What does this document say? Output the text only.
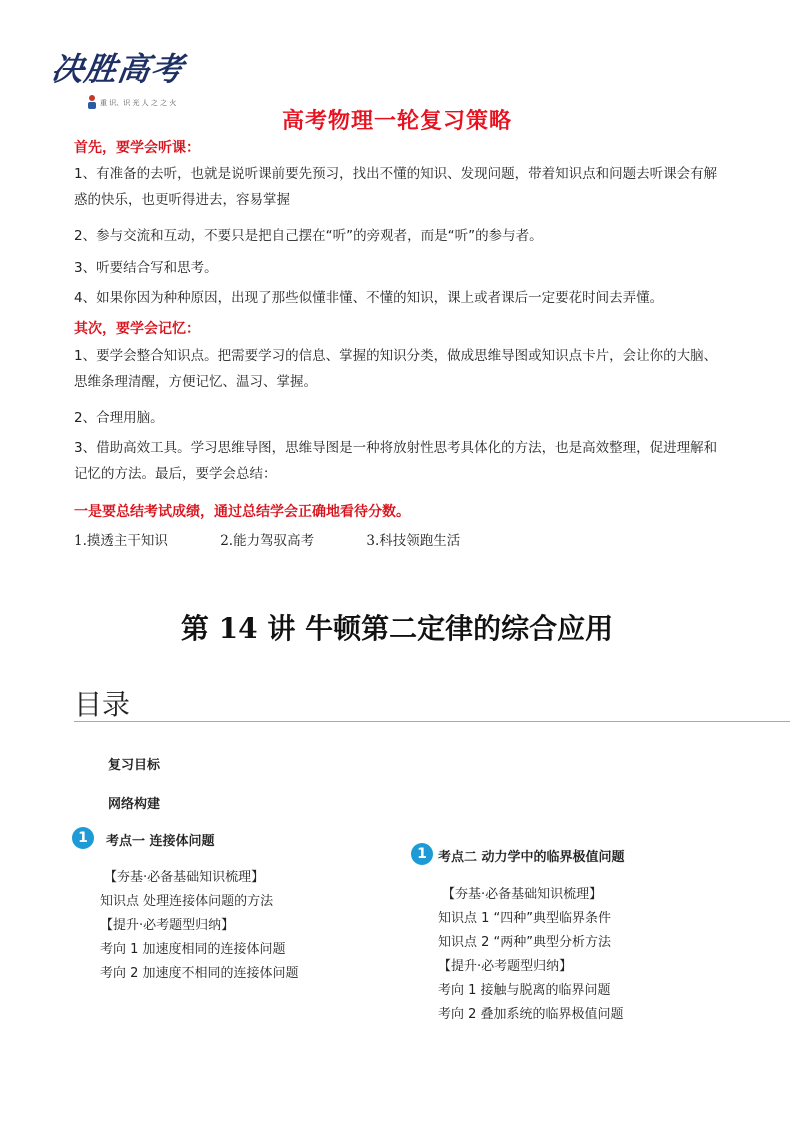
决胜高考
重 识、识 光 人 之 之 火
高考物理一轮复习策略
首先，要学会听课：
1、有准备的去听，也就是说听课前要先预习，找出不懂的知识、发现问题，带着知识点和问题去听课会有解惑的快乐，也更听得进去，容易掌握
2、参与交流和互动，不要只是把自己摆在“听”的旁观者，而是“听”的参与者。
3、听要结合写和思考。
4、如果你因为种种原因，出现了那些似懂非懂、不懂的知识，课上或者课后一定要花时间去弄懂。
其次，要学会记忆：
1、要学会整合知识点。把需要学习的信息、掌握的知识分类，做成思维导图或知识点卡片，会让你的大脑、思维条理清醒，方便记忆、温习、掌握。
2、合理用脑。
3、借助高效工具。学习思维导图，思维导图是一种将放射性思考具体化的方法，也是高效整理，促进理解和记忆的方法。最后，要学会总结：
一是要总结考试成绩，通过总结学会正确地看待分数。
1.摸透主干知识	2.能力驾驭高考	3.科技领跑生活
第 14 讲 牛顿第二定律的综合应用
目录
复习目标
网络构建
1	考点一 连接体问题
【夯基·必备基础知识梳理】
知识点 处理连接体问题的方法
【提升·必考题型归纳】
考向 1 加速度相同的连接体问题
考向 2 加速度不相同的连接体问题
1 考点二 动力学中的临界极值问题
【夯基·必备基础知识梳理】
知识点 1 “四种”典型临界条件
知识点 2 “两种”典型分析方法
【提升·必考题型归纳】
考向 1 接触与脱离的临界问题
考向 2 叠加系统的临界极值问题
